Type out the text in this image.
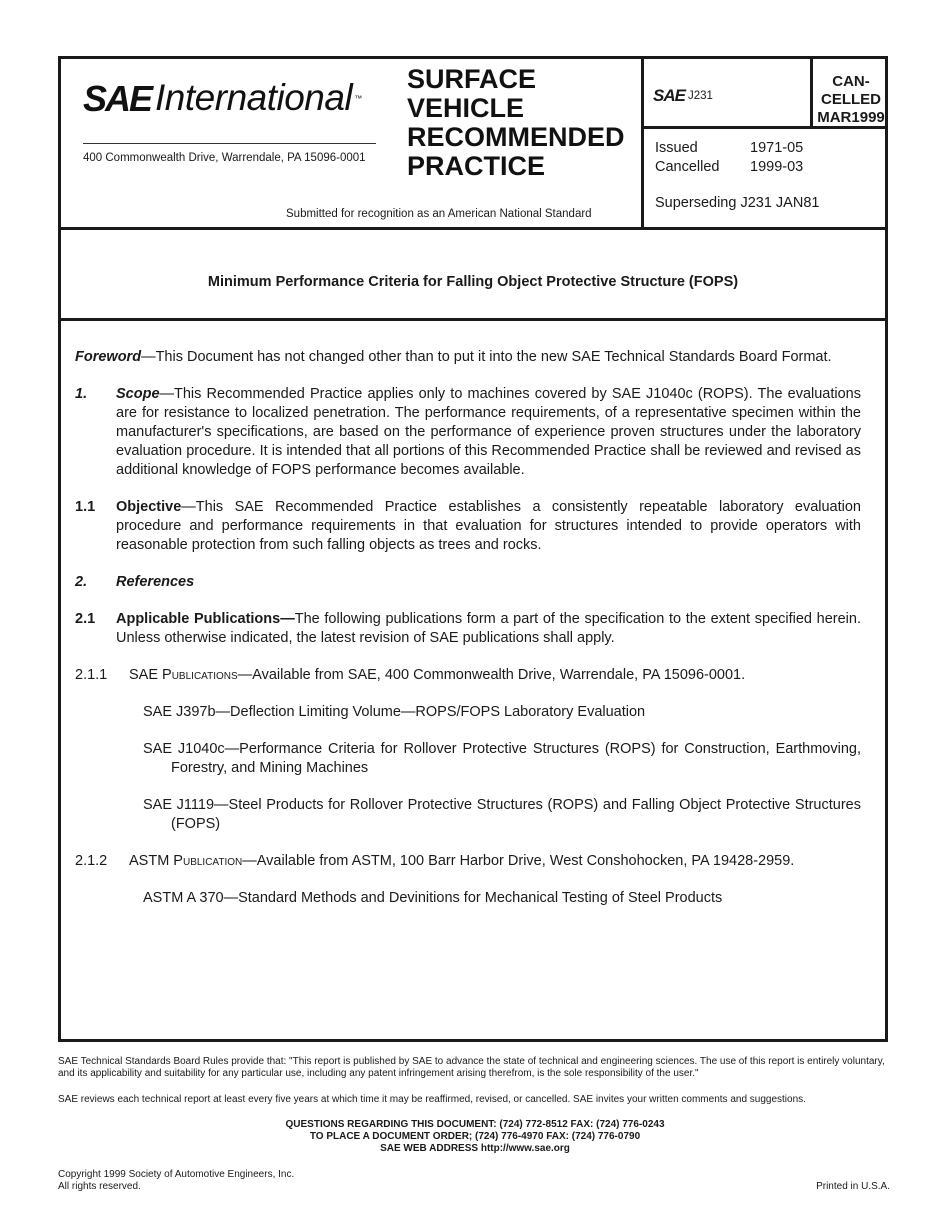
SAE International ™
400 Commonwealth Drive, Warrendale, PA 15096-0001
SURFACE
VEHICLE
RECOMMENDED
PRACTICE
Submitted for recognition as an American National Standard
SAE J231
CAN-
CELLED
MAR1999
Issued	1971-05
Cancelled	1999-03
Superseding J231 JAN81
Minimum Performance Criteria for Falling Object Protective Structure (FOPS)

Foreword—This Document has not changed other than to put it into the new SAE Technical Standards Board Format.

1.	Scope—This Recommended Practice applies only to machines covered by SAE J1040c (ROPS). The evaluations are for resistance to localized penetration. The performance requirements, of a representative specimen within the manufacturer's specifications, are based on the performance of experience proven structures under the laboratory evaluation procedure. It is intended that all portions of this Recommended Practice shall be reviewed and revised as additional knowledge of FOPS performance becomes available.
1.1	Objective—This SAE Recommended Practice establishes a consistently repeatable laboratory evaluation procedure and performance requirements in that evaluation for structures intended to provide operators with reasonable protection from such falling objects as trees and rocks.
2.	References
2.1	Applicable Publications—The following publications form a part of the specification to the extent specified herein. Unless otherwise indicated, the latest revision of SAE publications shall apply.
2.1.1	SAE Publications—Available from SAE, 400 Commonwealth Drive, Warrendale, PA 15096-0001.

SAE J397b—Deflection Limiting Volume—ROPS/FOPS Laboratory Evaluation

SAE J1040c—Performance Criteria for Rollover Protective Structures (ROPS) for Construction, Earthmoving, Forestry, and Mining Machines

SAE J1119—Steel Products for Rollover Protective Structures (ROPS) and Falling Object Protective Structures (FOPS)

2.1.2	ASTM Publication—Available from ASTM, 100 Barr Harbor Drive, West Conshohocken, PA 19428-2959.

ASTM A 370—Standard Methods and Devinitions for Mechanical Testing of Steel Products

SAE Technical Standards Board Rules provide that: "This report is published by SAE to advance the state of technical and engineering sciences. The use of this report is entirely voluntary, and its applicability and suitability for any particular use, including any patent infringement arising therefrom, is the sole responsibility of the user."
SAE reviews each technical report at least every five years at which time it may be reaffirmed, revised, or cancelled. SAE invites your written comments and suggestions.
QUESTIONS REGARDING THIS DOCUMENT: (724) 772-8512 FAX: (724) 776-0243
TO PLACE A DOCUMENT ORDER; (724) 776-4970 FAX: (724) 776-0790
SAE WEB ADDRESS http://www.sae.org
Copyright 1999 Society of Automotive Engineers, Inc.
All rights reserved.	Printed in U.S.A.
